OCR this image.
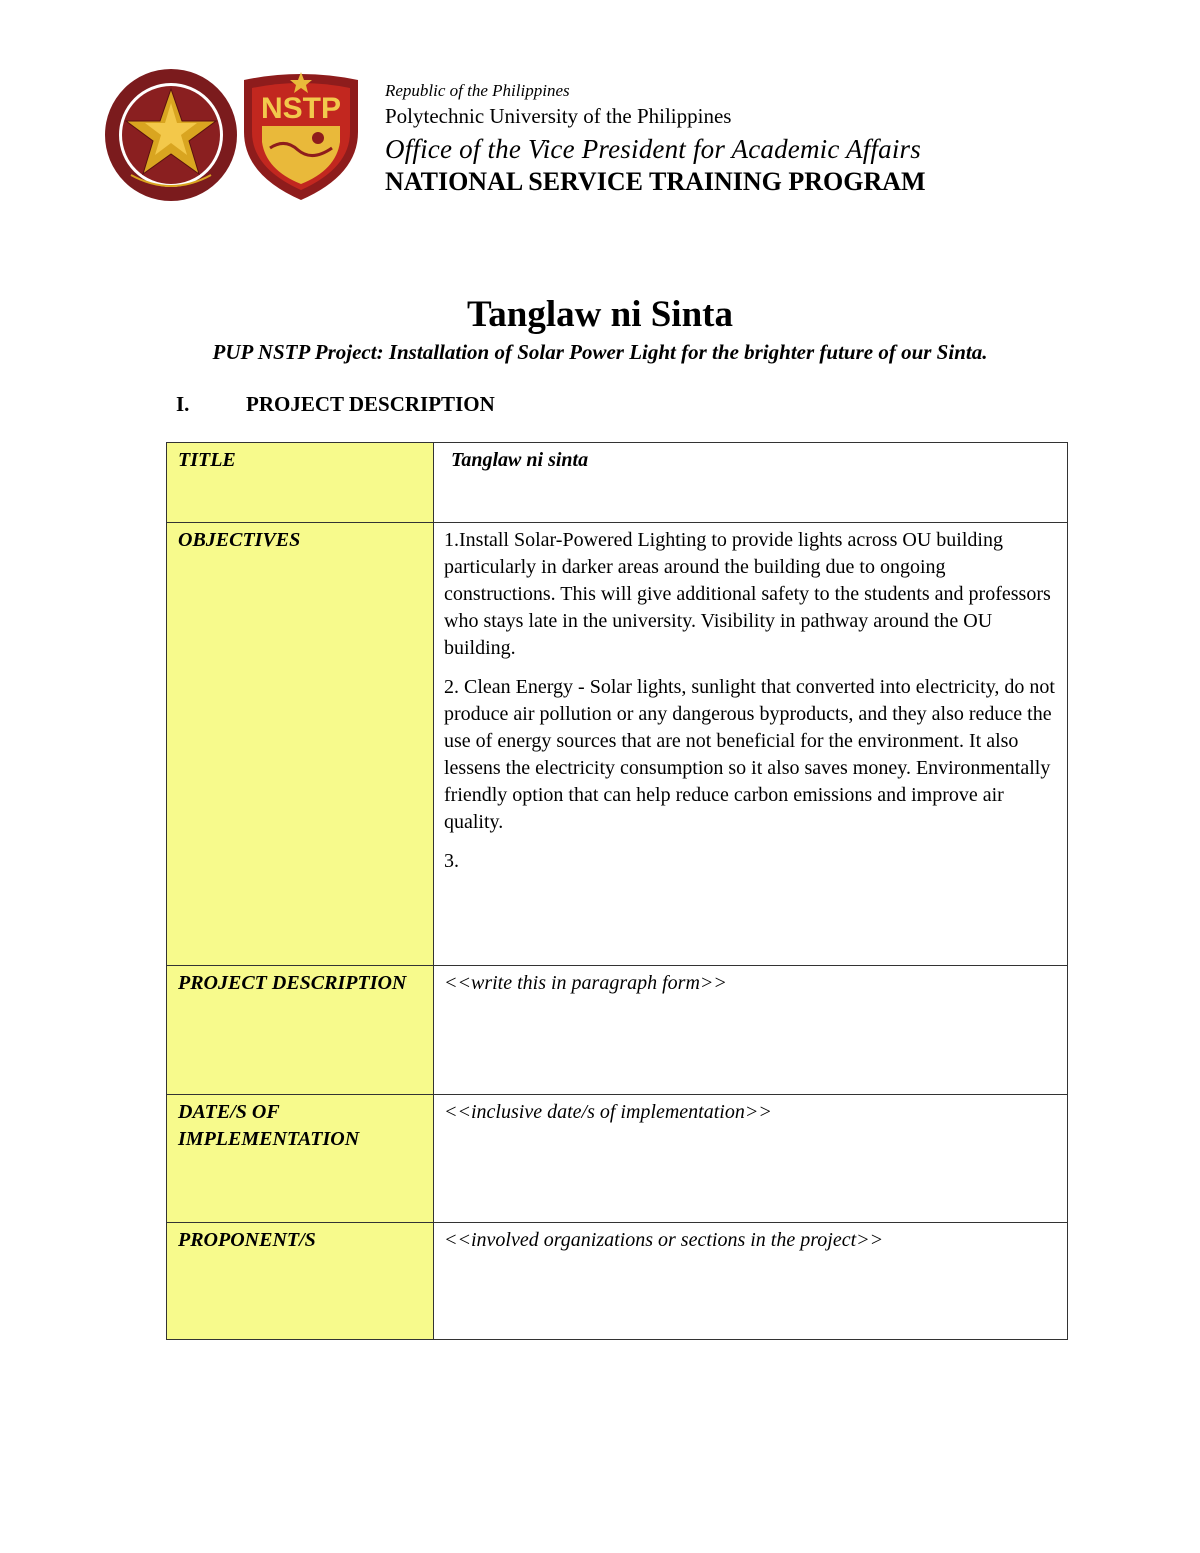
NSTP
Republic of the Philippines
Polytechnic University of the Philippines
Office of the Vice President for Academic Affairs
NATIONAL SERVICE TRAINING PROGRAM
Tanglaw ni Sinta
PUP NSTP Project: Installation of Solar Power Light for the brighter future of our Sinta.
I.	PROJECT DESCRIPTION
TITLE	Tanglaw ni sinta
OBJECTIVES	1.Install Solar-Powered Lighting to provide lights across OU building particularly in darker areas around the building due to ongoing constructions. This will give additional safety to the students and professors who stays late in the university. Visibility in pathway around the OU building.

2. Clean Energy - Solar lights, sunlight that converted into electricity, do not produce air pollution or any dangerous byproducts, and they also reduce the use of energy sources that are not beneficial for the environment. It also lessens the electricity consumption so it also saves money. Environmentally friendly option that can help reduce carbon emissions and improve air quality.

3.

PROJECT DESCRIPTION	<<write this in paragraph form>>
DATE/S OF IMPLEMENTATION	<<inclusive date/s of implementation>>
PROPONENT/S	<<involved organizations or sections in the project>>
